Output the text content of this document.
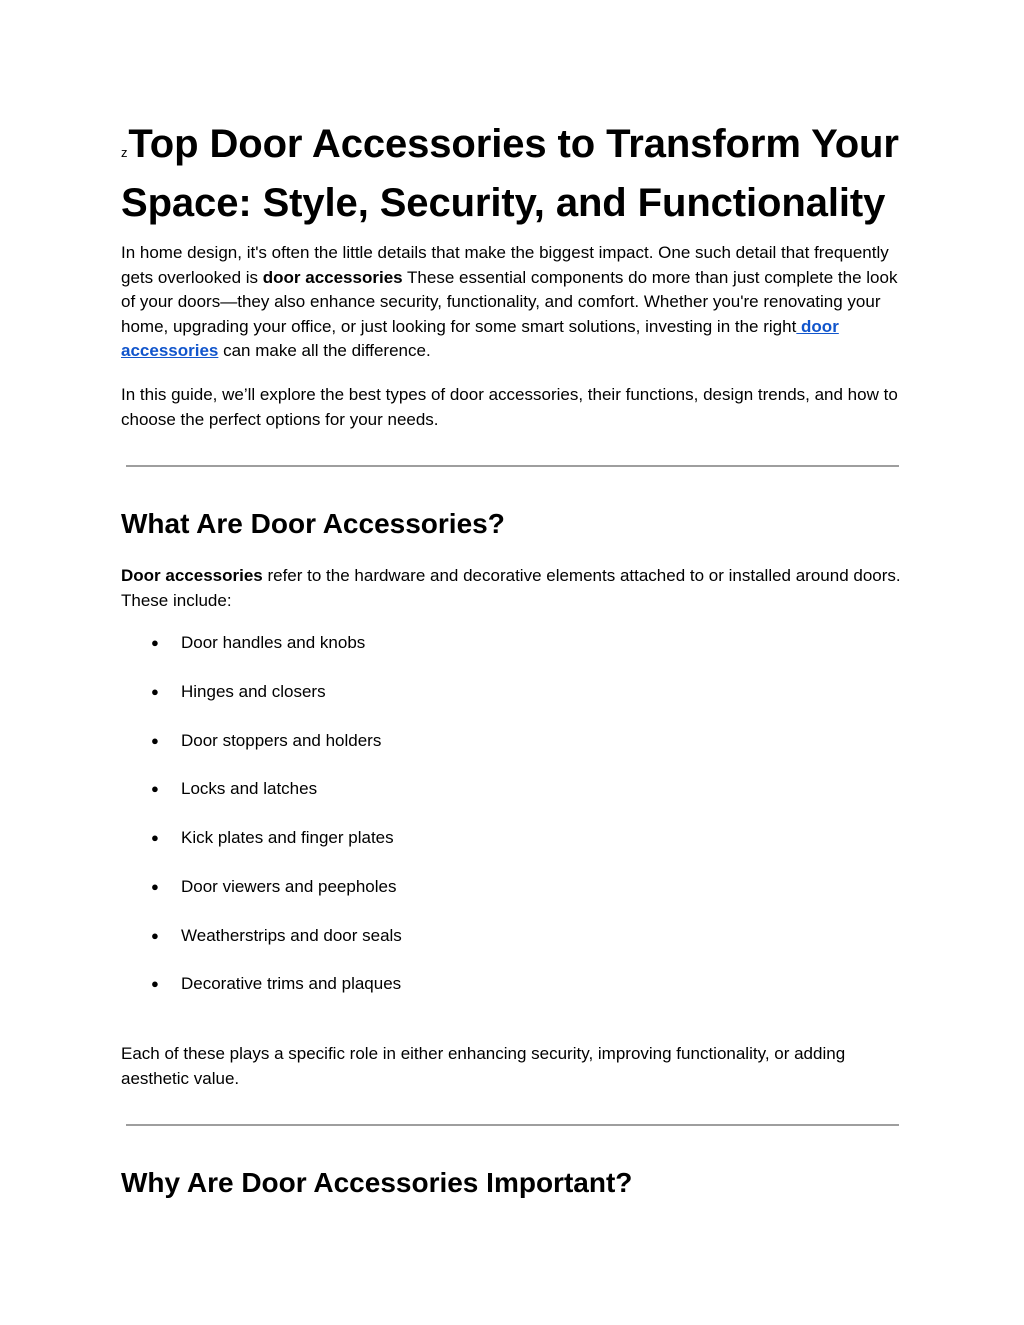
zTop Door Accessories to Transform Your Space: Style, Security, and Functionality

In home design, it's often the little details that make the biggest impact. One such detail that frequently gets overlooked is door accessories These essential components do more than just complete the look of your doors—they also enhance security, functionality, and comfort. Whether you're renovating your home, upgrading your office, or just looking for some smart solutions, investing in the right door accessories can make all the difference.

In this guide, we’ll explore the best types of door accessories, their functions, design trends, and how to choose the perfect options for your needs.

What Are Door Accessories?

Door accessories refer to the hardware and decorative elements attached to or installed around doors. These include:

● Door handles and knobs
● Hinges and closers
● Door stoppers and holders
● Locks and latches
● Kick plates and finger plates
● Door viewers and peepholes
● Weatherstrips and door seals
● Decorative trims and plaques

Each of these plays a specific role in either enhancing security, improving functionality, or adding aesthetic value.

Why Are Door Accessories Important?
